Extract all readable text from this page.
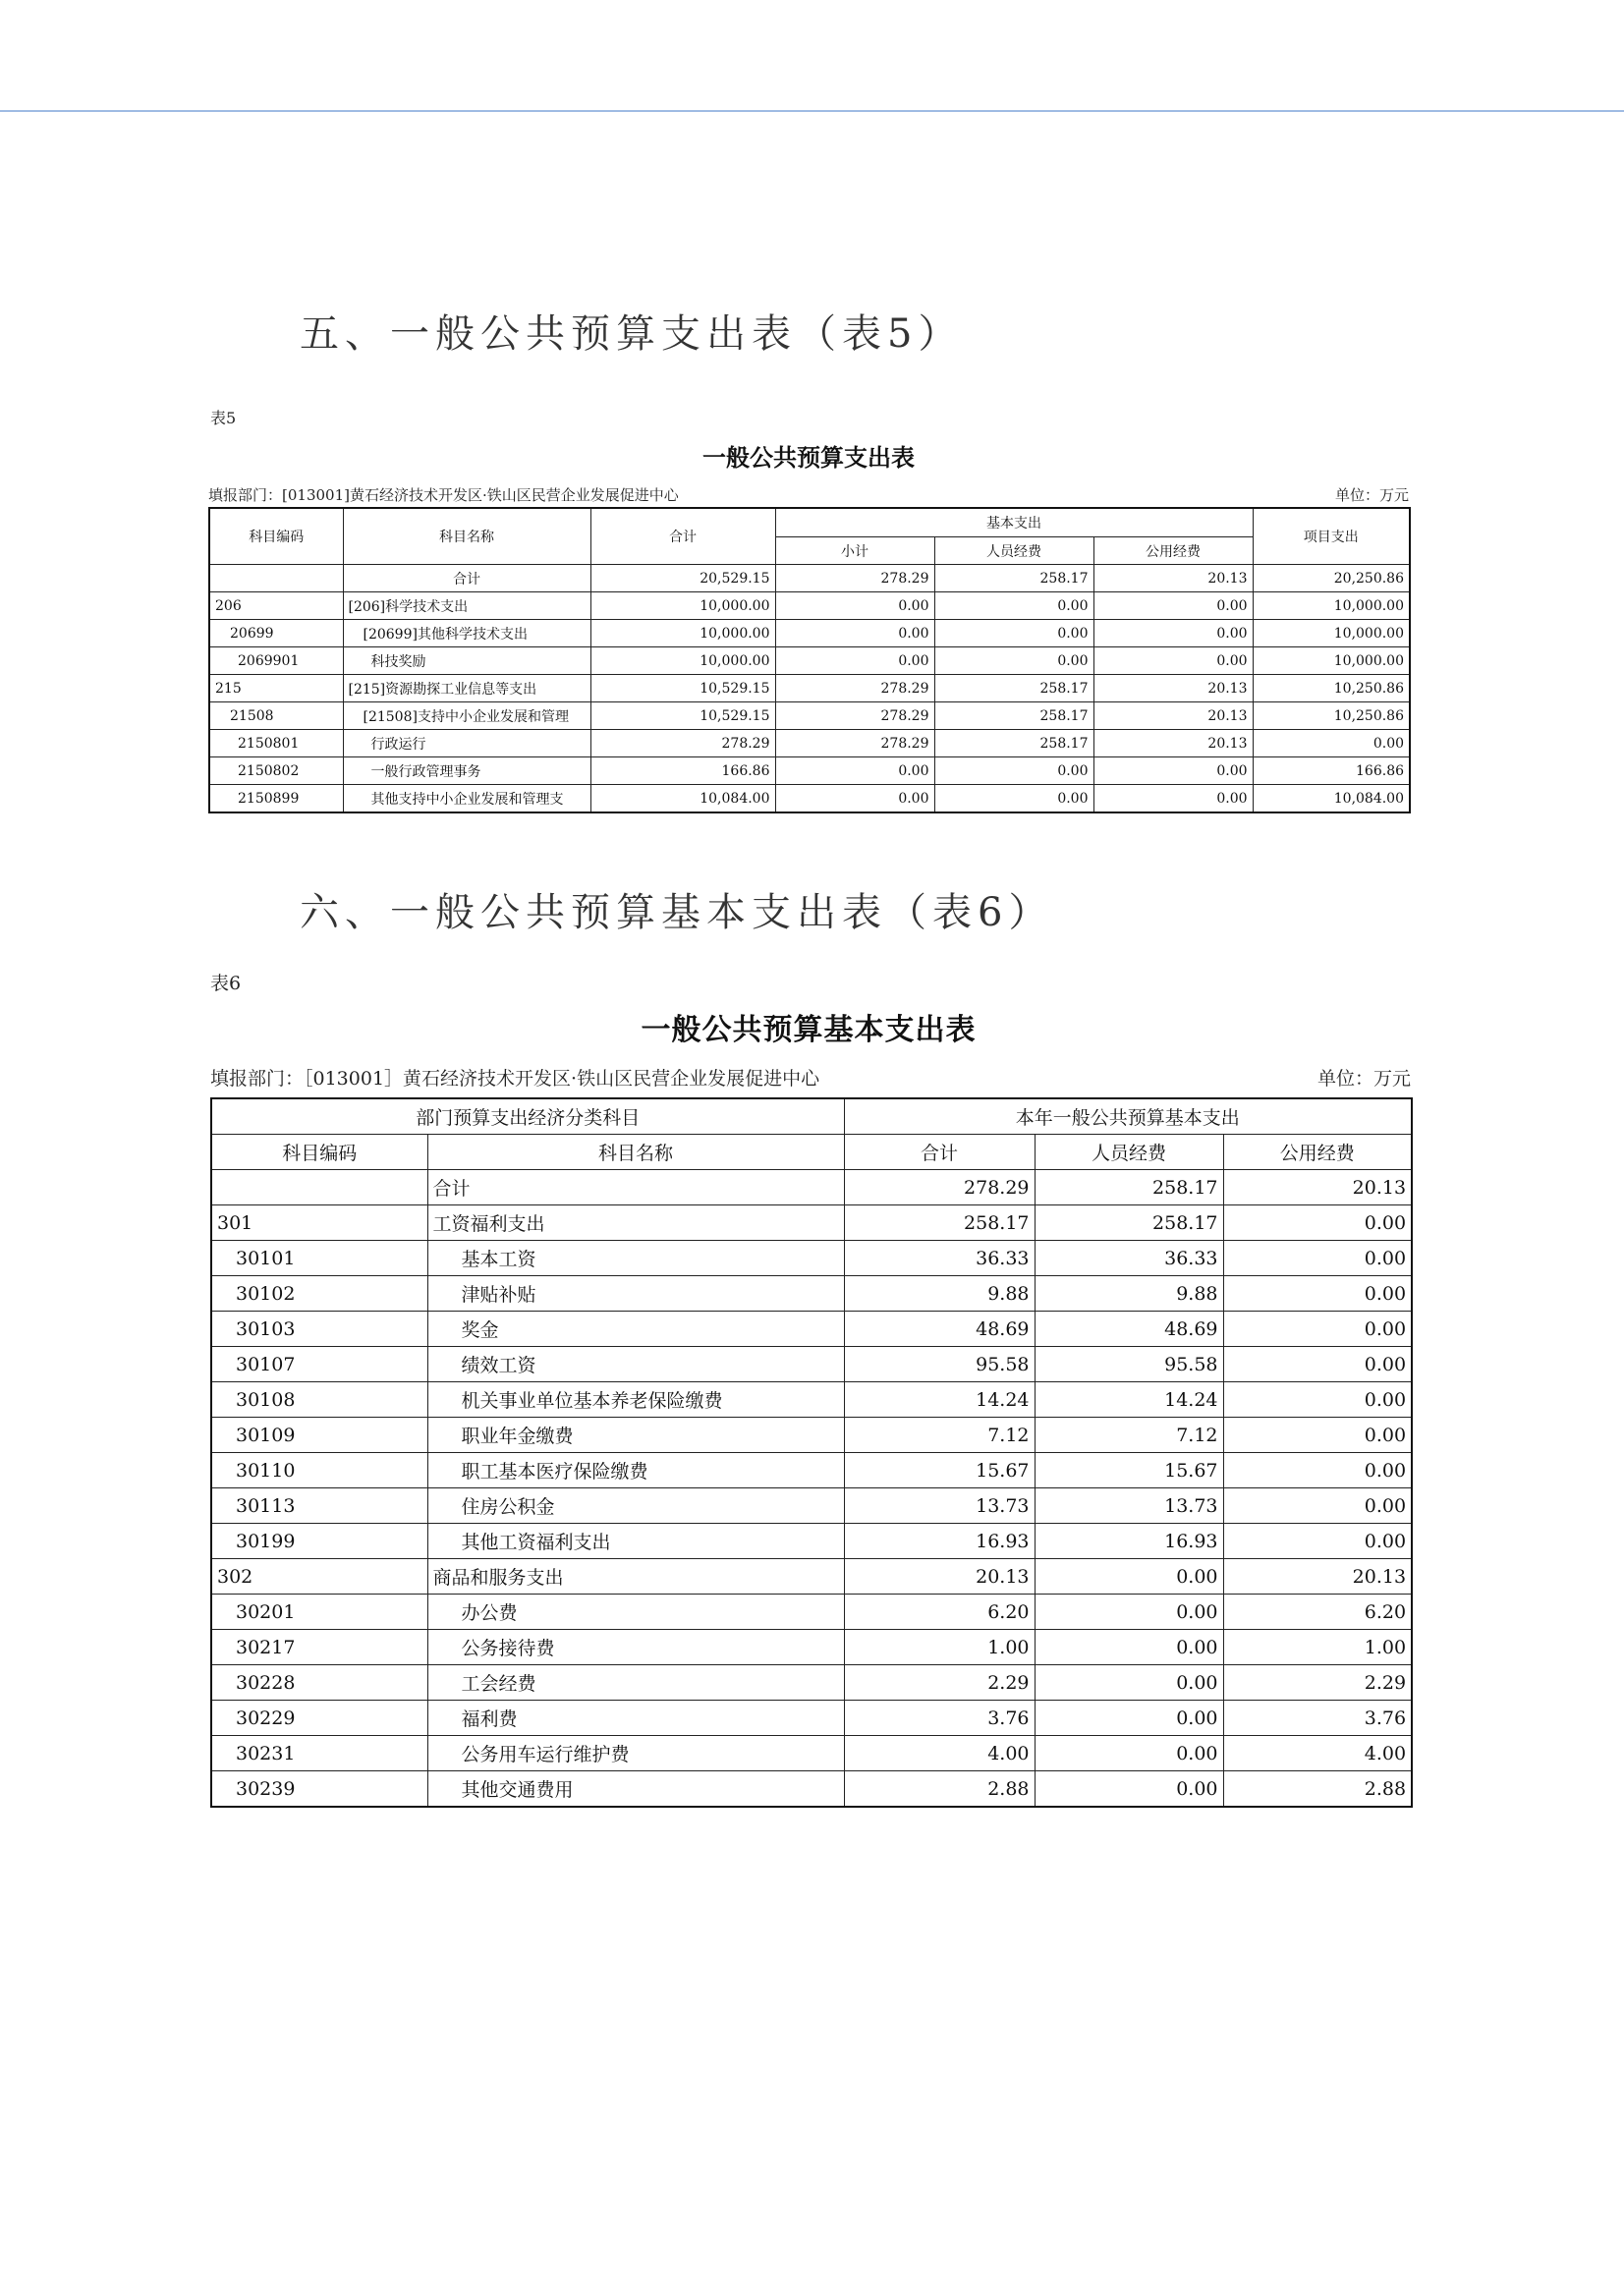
五、一般公共预算支出表（表5）
表5
一般公共预算支出表
填报部门：[013001]黄石经济技术开发区·铁山区民营企业发展促进中心	单位：万元
科目编码	科目名称	合计	基本支出			项目支出
			小计	人员经费	公用经费	
	合计	20,529.15	278.29	258.17	20.13	20,250.86
206	[206]科学技术支出	10,000.00	0.00	0.00	0.00	10,000.00
20699	[20699]其他科学技术支出	10,000.00	0.00	0.00	0.00	10,000.00
2069901	科技奖励	10,000.00	0.00	0.00	0.00	10,000.00
215	[215]资源勘探工业信息等支出	10,529.15	278.29	258.17	20.13	10,250.86
21508	[21508]支持中小企业发展和管理	10,529.15	278.29	258.17	20.13	10,250.86
2150801	行政运行	278.29	278.29	258.17	20.13	0.00
2150802	一般行政管理事务	166.86	0.00	0.00	0.00	166.86
2150899	其他支持中小企业发展和管理支	10,084.00	0.00	0.00	0.00	10,084.00
六、一般公共预算基本支出表（表6）
表6
一般公共预算基本支出表
填报部门：［013001］黄石经济技术开发区·铁山区民营企业发展促进中心	单位：万元
部门预算支出经济分类科目		本年一般公共预算基本支出		
科目编码	科目名称	合计	人员经费	公用经费
	合计	278.29	258.17	20.13
301	工资福利支出	258.17	258.17	0.00
30101	基本工资	36.33	36.33	0.00
30102	津贴补贴	9.88	9.88	0.00
30103	奖金	48.69	48.69	0.00
30107	绩效工资	95.58	95.58	0.00
30108	机关事业单位基本养老保险缴费	14.24	14.24	0.00
30109	职业年金缴费	7.12	7.12	0.00
30110	职工基本医疗保险缴费	15.67	15.67	0.00
30113	住房公积金	13.73	13.73	0.00
30199	其他工资福利支出	16.93	16.93	0.00
302	商品和服务支出	20.13	0.00	20.13
30201	办公费	6.20	0.00	6.20
30217	公务接待费	1.00	0.00	1.00
30228	工会经费	2.29	0.00	2.29
30229	福利费	3.76	0.00	3.76
30231	公务用车运行维护费	4.00	0.00	4.00
30239	其他交通费用	2.88	0.00	2.88
